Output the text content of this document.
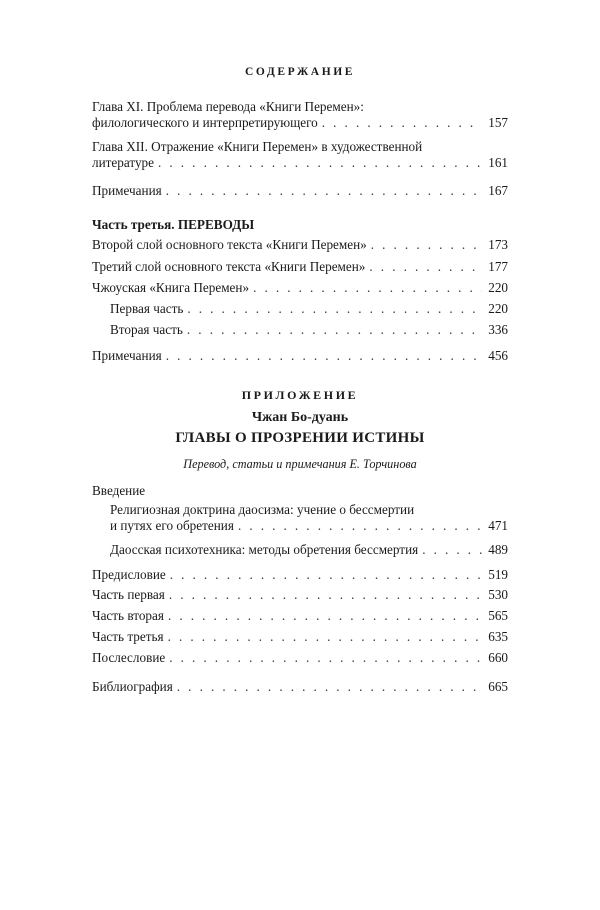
СОДЕРЖАНИЕ
Глава XI. Проблема перевода «Книги Перемен»:
филологического и интерпретирующего . . .	157
Глава XII. Отражение «Книги Перемен» в художественной
литературе . . .	161
Примечания . . .	167
Часть третья. ПЕРЕВОДЫ
Второй слой основного текста «Книги Перемен» . . .	173
Третий слой основного текста «Книги Перемен» . . .	177
Чжоуская «Книга Перемен» . . .	220
Первая часть . . .	220
Вторая часть . . .	336
Примечания . . .	456
ПРИЛОЖЕНИЕ
Чжан Бо-дуань
ГЛАВЫ О ПРОЗРЕНИИ ИСТИНЫ
Перевод, статьи и примечания Е. Торчинова
Введение
Религиозная доктрина даосизма: учение о бессмертии
и путях его обретения . . .	471
Даосская психотехника: методы обретения бессмертия . . .	489
Предисловие . . .	519
Часть первая . . .	530
Часть вторая . . .	565
Часть третья . . .	635
Послесловие . . .	660
Библиография . . .	665
